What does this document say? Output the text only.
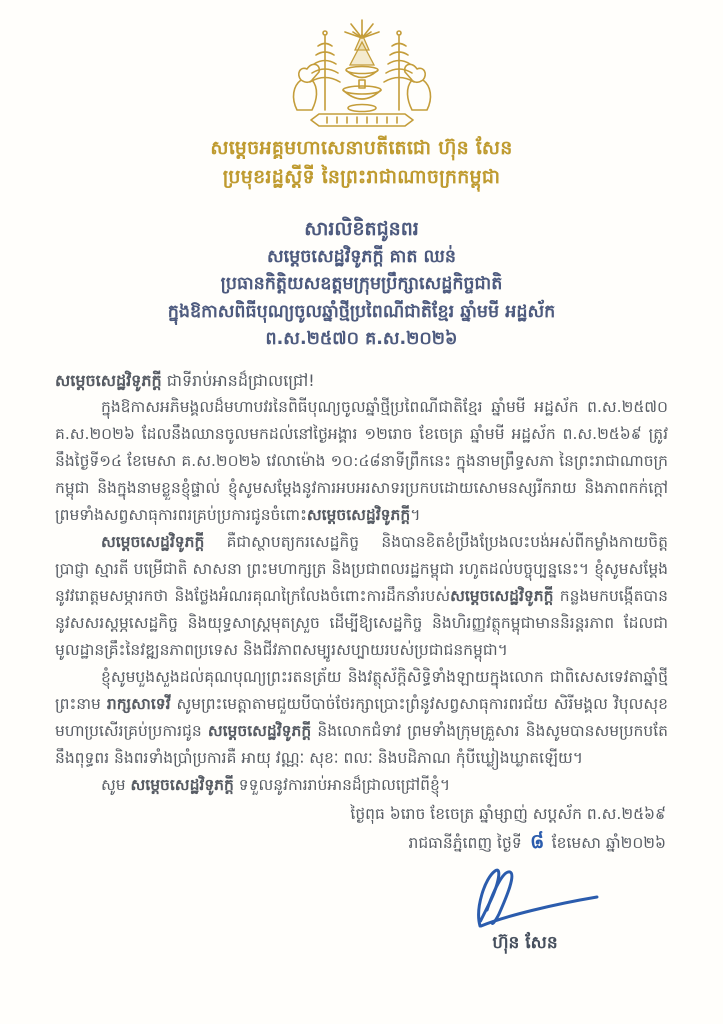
សម្តេចអគ្គមហាសេនាបតីតេជោ ហ៊ុន សែន
ប្រមុខរដ្ឋស្តីទី នៃព្រះរាជាណាចក្រកម្ពុជា
សារលិខិតជូនពរ
សម្តេចសេដ្ឋវិទូភក្តី គាត ឈន់
ប្រធានកិត្តិយសឧត្តមក្រុមប្រឹក្សាសេដ្ឋកិច្ចជាតិ
ក្នុងឱកាសពិធីបុណ្យចូលឆ្នាំថ្មីប្រពៃណីជាតិខ្មែរ ឆ្នាំមមី អដ្ឋស័ក
ព.ស.២៥៧០ គ.ស.២០២៦
សម្តេចសេដ្ឋវិទូភក្តី ជាទីរាប់អានដ៏ជ្រាលជ្រៅ!

ក្នុងឱកាសអភិមង្គលដ៏មហាបវរនៃពិធីបុណ្យចូលឆ្នាំថ្មីប្រពៃណីជាតិខ្មែរ ឆ្នាំមមី អដ្ឋស័ក ព.ស.២៥៧០ គ.ស.២០២៦ ដែលនឹងឈានចូលមកដល់នៅថ្ងៃអង្គារ ១២រោច ខែចេត្រ ឆ្នាំមមី អដ្ឋស័ក ព.ស.២៥៦៩ ត្រូវនឹងថ្ងៃទី១៤ ខែមេសា គ.ស.២០២៦ វេលាម៉ោង ១០:៤៨នាទីព្រឹកនេះ ក្នុងនាមព្រឹទ្ធសភា នៃព្រះរាជាណាចក្រកម្ពុជា និងក្នុងនាមខ្លួនខ្ញុំផ្ទាល់ ខ្ញុំសូមសម្តែងនូវការអបអរសាទរប្រកបដោយសោមនស្សរីករាយ និងភាពកក់ក្តៅ ព្រមទាំងសព្វសាធុការពរគ្រប់ប្រការជូនចំពោះសម្តេចសេដ្ឋវិទូភក្តី។

សម្តេចសេដ្ឋវិទូភក្តី គឺជាស្ថាបត្យករសេដ្ឋកិច្ច និងបានខិតខំប្រឹងប្រែងលះបង់អស់ពីកម្លាំងកាយចិត្ត ប្រាជ្ញា ស្មារតី បម្រើជាតិ សាសនា ព្រះមហាក្សត្រ និងប្រជាពលរដ្ឋកម្ពុជា រហូតដល់បច្ចុប្បន្ននេះ។ ខ្ញុំសូមសម្តែងនូវវរោត្តមសម្ភារកថា និងថ្លែងអំណរគុណក្រៃលែងចំពោះការដឹកនាំរបស់សម្តេចសេដ្ឋវិទូភក្តី កន្លងមកបង្កើតបាននូវសសរស្តម្ភសេដ្ឋកិច្ច និងយុទ្ធសាស្ត្រមុតស្រួច ដើម្បីឱ្យសេដ្ឋកិច្ច និងហិរញ្ញវត្ថុកម្ពុជាមាននិរន្តរភាព ដែលជាមូលដ្ឋានគ្រឹះនៃវឌ្ឍនភាពប្រទេស និងជីវភាពសម្បូរសប្បាយរបស់ប្រជាជនកម្ពុជា។

ខ្ញុំសូមបួងសួងដល់គុណបុណ្យព្រះរតនត្រ័យ និងវត្ថុស័ក្តិសិទ្ធិទាំងឡាយក្នុងលោក ជាពិសេសទេវតាឆ្នាំថ្មីព្រះនាម រាក្សសាទេវី សូមព្រះមេត្តាតាមជួយបីបាច់ថែរក្សាប្រោះព្រំនូវសព្វសាធុការពរជ័យ សិរីមង្គល វិបុលសុខ មហាប្រសើរគ្រប់ប្រការជូន សម្តេចសេដ្ឋវិទូភក្តី និងលោកជំទាវ ព្រមទាំងក្រុមគ្រួសារ និងសូមបានសមប្រកបតែនឹងពុទ្ធពរ និងពរទាំងប្រាំប្រការគឺ អាយុ វណ្ណៈ សុខៈ ពលៈ និងបដិភាណ កុំបីឃ្លៀងឃ្លាតឡើយ។

សូម សម្តេចសេដ្ឋវិទូភក្តី ទទួលនូវការរាប់អានដ៏ជ្រាលជ្រៅពីខ្ញុំ។

ថ្ងៃពុធ ៦រោច ខែចេត្រ ឆ្នាំម្សាញ់ សប្តស័ក ព.ស.២៥៦៩
រាជធានីភ្នំពេញ ថ្ងៃទី ៨ ខែមេសា ឆ្នាំ២០២៦
ហ៊ុន សែន
